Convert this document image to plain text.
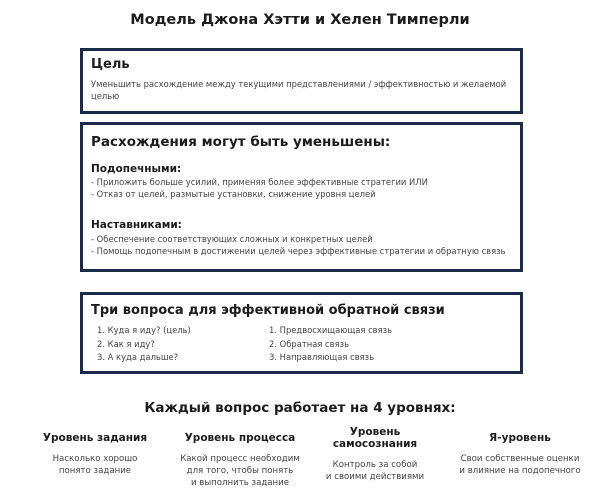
Модель Джона Хэтти и Хелен Тимперли
Цель
Уменьшить расхождение между текущими представлениями / эффективностью и желаемой целью
Расхождения могут быть уменьшены:
Подопечными:
- Приложить больше усилий, применяя более эффективные стратегии ИЛИ
- Отказ от целей, размытые установки, снижение уровня целей
Наставниками:
- Обеспечение соответствующих сложных и конкретных целей
- Помощь подопечным в достижении целей через эффективные стратегии и обратную связь
Три вопроса для эффективной обратной связи
1. Куда я иду? (цель)
2. Как я иду?
3. А куда дальше?
1. Предвосхищающая связь
2. Обратная связь
3. Направляющая связь
Каждый вопрос работает на 4 уровнях:
Уровень задания
Насколько хорошо
понято задание
Уровень процесса
Какой процесс необходим
для того, чтобы понять
и выполнить задание
Уровень
самосознания
Контроль за собой
и своими действиями
Я-уровень
Свои собственные оценки
и влияние на подопечного
